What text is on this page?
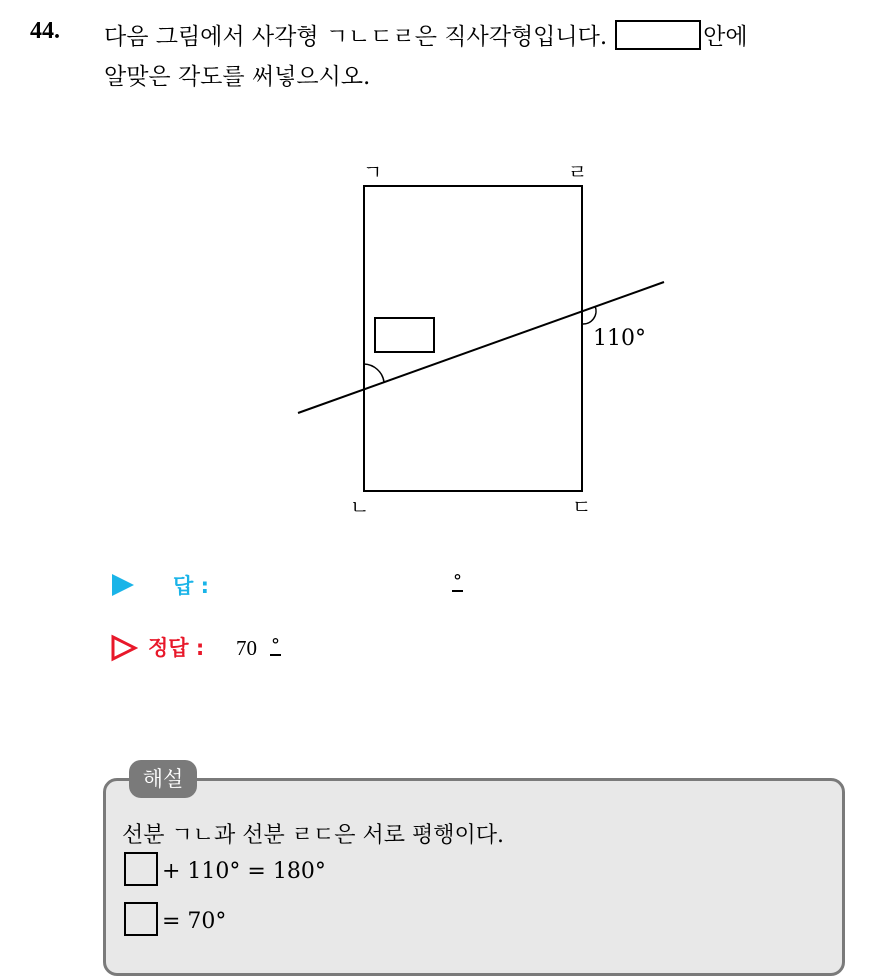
44. 다음 그림에서 사각형 ㄱㄴㄷㄹ은 직사각형입니다.	안에
알맞은 각도를 써넣으시오.
ㄱ	ㄹ
ㄴ	ㄷ
110°
답 :	°
정답 : 70 °
해설
선분 ㄱㄴ과 선분 ㄹㄷ은 서로 평행이다.
+ 110° = 180°
= 70°
